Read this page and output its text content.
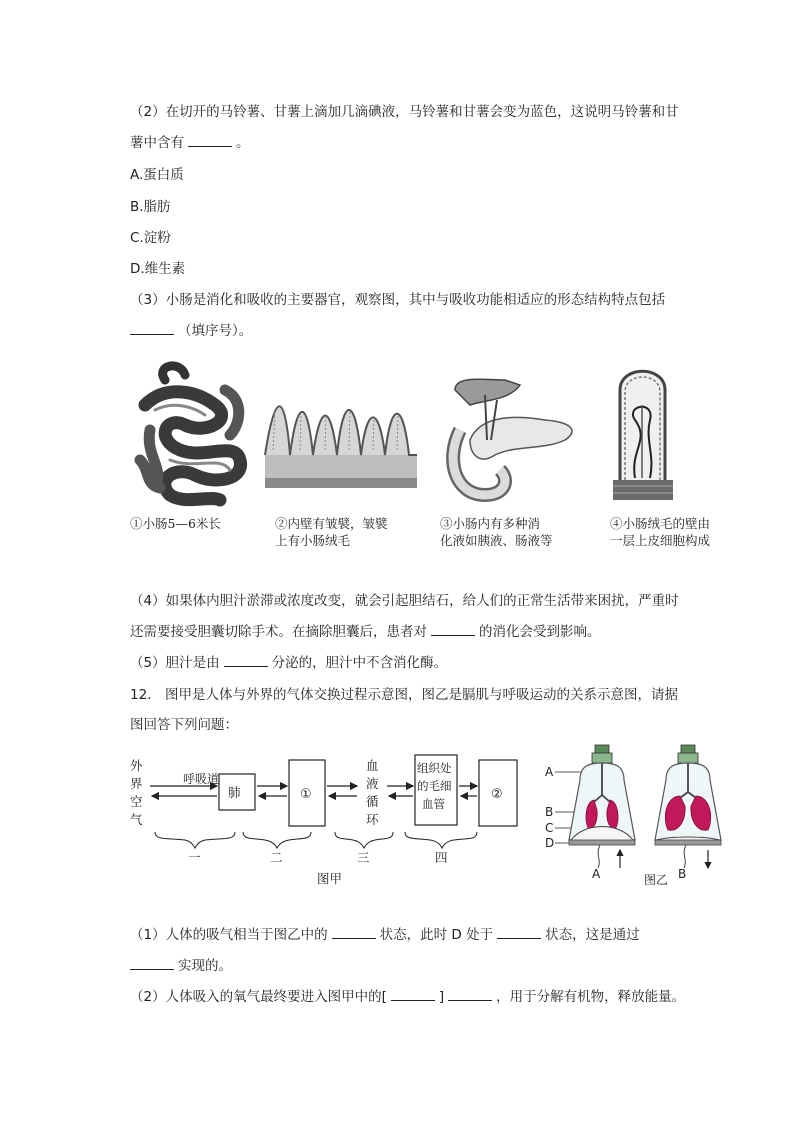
（2）在切开的马铃薯、甘薯上滴加几滴碘液，马铃薯和甘薯会变为蓝色，这说明马铃薯和甘
薯中含有	。
A.蛋白质
B.脂肪
C.淀粉
D.维生素
（3）小肠是消化和吸收的主要器官，观察图，其中与吸收功能相适应的形态结构特点包括
（填序号）。
①小肠5—6米长	②内壁有皱襞，皱襞
上有小肠绒毛
③小肠内有多种消
化液如胰液、肠液等
④小肠绒毛的壁由
一层上皮细胞构成
（4）如果体内胆汁淤滞或浓度改变，就会引起胆结石，给人们的正常生活带来困扰，严重时
还需要接受胆囊切除手术。在摘除胆囊后，患者对	的消化会受到影响。
（5）胆汁是由	分泌的，胆汁中不含消化酶。
12.　图甲是人体与外界的气体交换过程示意图，图乙是膈肌与呼吸运动的关系示意图，请据
图回答下列问题：
外
界
空
气
呼吸道
肺	①
血
液
循
环
组织处
的毛细
血管
②
一	二	三	四
图甲
A
B
C
D
A	B
图乙
（1）人体的吸气相当于图乙中的	状态，此时 D 处于	状态，这是通过
实现的。
（2）人体吸入的氧气最终要进入图甲中的[	]	，用于分解有机物，释放能量。
